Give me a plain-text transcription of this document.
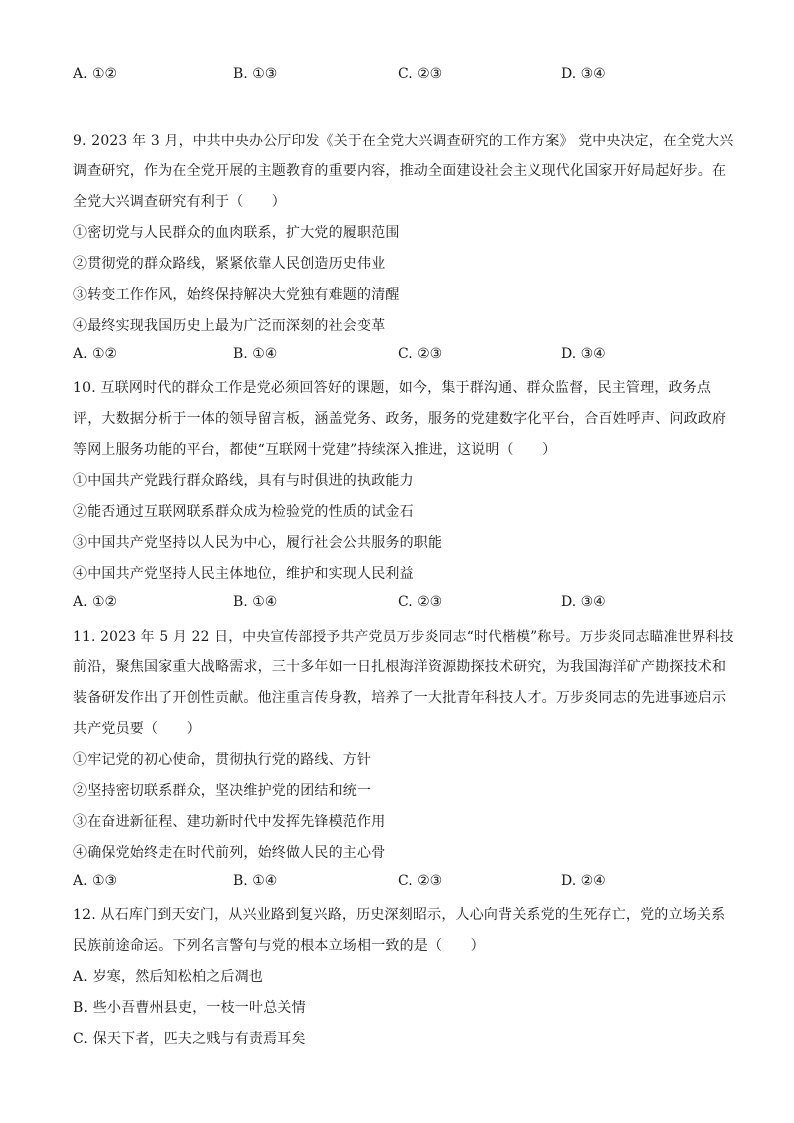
A. ①②	B. ①③	C. ②③	D. ③④
9. 2023 年 3 月，中共中央办公厅印发《关于在全党大兴调查研究的工作方案》 党中央决定，在全党大兴
调查研究，作为在全党开展的主题教育的重要内容，推动全面建设社会主义现代化国家开好局起好步。在
全党大兴调查研究有利于（　　）
①密切党与人民群众的血肉联系，扩大党的履职范围
②贯彻党的群众路线，紧紧依靠人民创造历史伟业
③转变工作作风，始终保持解决大党独有难题的清醒
④最终实现我国历史上最为广泛而深刻的社会变革
A. ①②	B. ①④	C. ②③	D. ③④
10. 互联网时代的群众工作是党必须回答好的课题，如今，集于群沟通、群众监督，民主管理，政务点
评，大数据分析于一体的领导留言板，涵盖党务、政务，服务的党建数字化平台，合百姓呼声、问政政府
等网上服务功能的平台，都使“互联网十党建”持续深入推进，这说明（　　）
①中国共产党践行群众路线，具有与时俱进的执政能力
②能否通过互联网联系群众成为检验党的性质的试金石
③中国共产党坚持以人民为中心，履行社会公共服务的职能
④中国共产党坚持人民主体地位，维护和实现人民利益
A. ①②	B. ①④	C. ②③	D. ③④
11. 2023 年 5 月 22 日，中央宣传部授予共产党员万步炎同志“时代楷模”称号。万步炎同志瞄准世界科技
前沿，聚焦国家重大战略需求，三十多年如一日扎根海洋资源勘探技术研究，为我国海洋矿产勘探技术和
装备研发作出了开创性贡献。他注重言传身教，培养了一大批青年科技人才。万步炎同志的先进事迹启示
共产党员要（　　）
①牢记党的初心使命，贯彻执行党的路线、方针
②坚持密切联系群众，坚决维护党的团结和统一
③在奋进新征程、建功新时代中发挥先锋模范作用
④确保党始终走在时代前列，始终做人民的主心骨
A. ①③	B. ①④	C. ②③	D. ②④
12. 从石库门到天安门，从兴业路到复兴路，历史深刻昭示，人心向背关系党的生死存亡，党的立场关系
民族前途命运。下列名言警句与党的根本立场相一致的是（　　）
A. 岁寒，然后知松柏之后凋也
B. 些小吾曹州县吏，一枝一叶总关情
C. 保天下者，匹夫之贱与有责焉耳矣
